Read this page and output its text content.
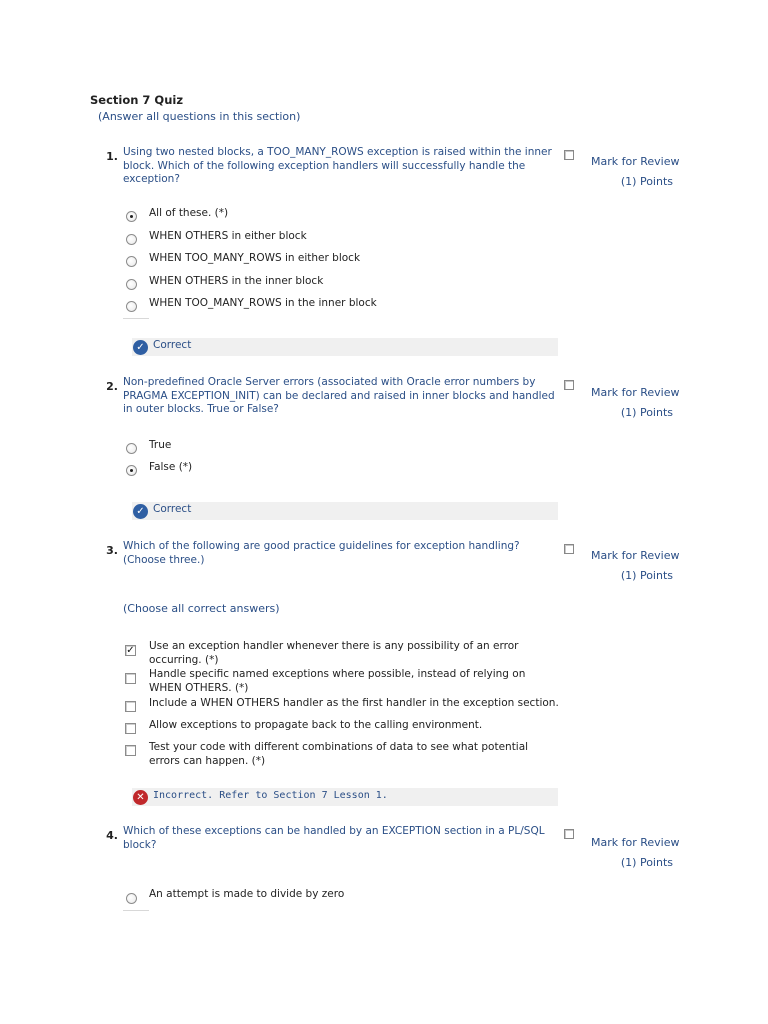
Section 7 Quiz
(Answer all questions in this section)
1. Using two nested blocks, a TOO_MANY_ROWS exception is raised within the inner block. Which of the following exception handlers will successfully handle the exception?
Mark for Review
(1) Points
All of these. (*)
WHEN OTHERS in either block
WHEN TOO_MANY_ROWS in either block
WHEN OTHERS in the inner block
WHEN TOO_MANY_ROWS in the inner block
✓ Correct
2. Non-predefined Oracle Server errors (associated with Oracle error numbers by PRAGMA EXCEPTION_INIT) can be declared and raised in inner blocks and handled in outer blocks. True or False?
Mark for Review
(1) Points
True
False (*)
✓ Correct
3. Which of the following are good practice guidelines for exception handling? (Choose three.)	Mark for Review
(1) Points
(Choose all correct answers)
✓ Use an exception handler whenever there is any possibility of an error occurring. (*)
Handle specific named exceptions where possible, instead of relying on WHEN OTHERS. (*)
Include a WHEN OTHERS handler as the first handler in the exception section.
Allow exceptions to propagate back to the calling environment.
Test your code with different combinations of data to see what potential errors can happen. (*)
✕ Incorrect. Refer to Section 7 Lesson 1.
4. Which of these exceptions can be handled by an EXCEPTION section in a PL/SQL block?	Mark for Review
(1) Points
An attempt is made to divide by zero
